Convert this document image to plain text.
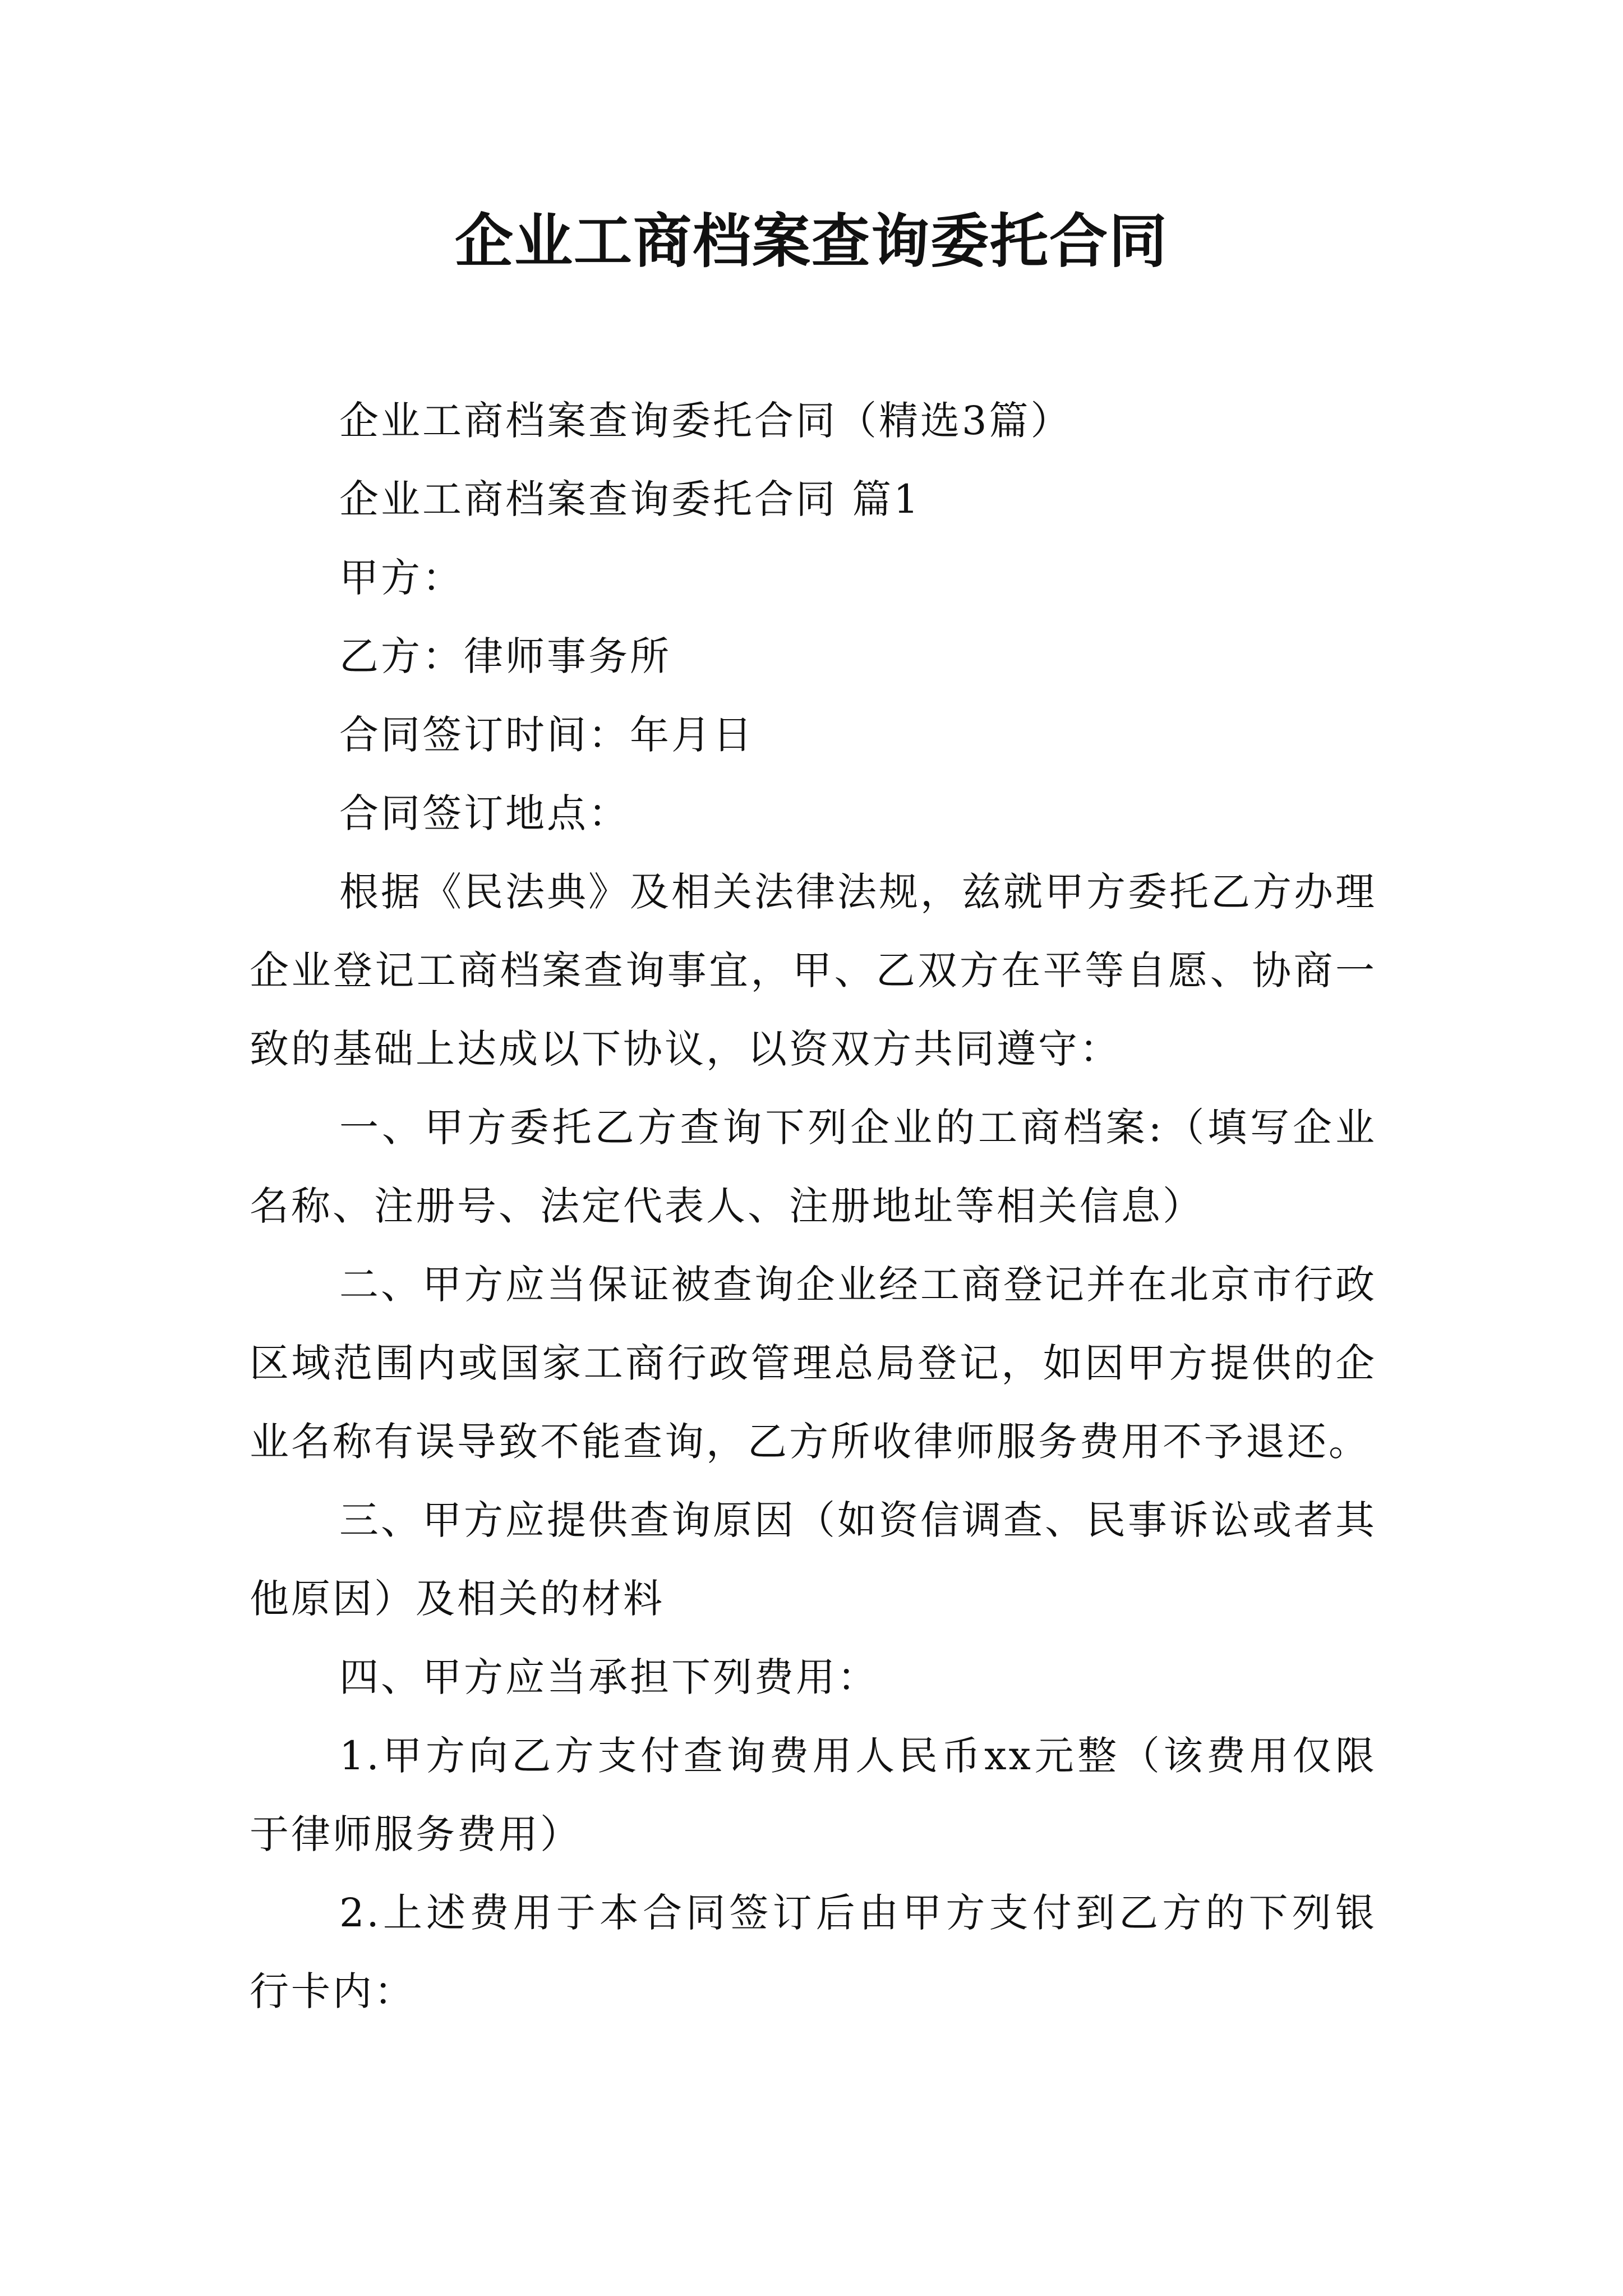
企业工商档案查询委托合同

企业工商档案查询委托合同（精选3篇）

企业工商档案查询委托合同 篇1

甲方：

乙方：律师事务所

合同签订时间：年月日

合同签订地点：

根据《民法典》及相关法律法规，兹就甲方委托乙方办理企业登记工商档案查询事宜，甲、乙双方在平等自愿、协商一致的基础上达成以下协议，以资双方共同遵守：

一、甲方委托乙方查询下列企业的工商档案:（填写企业名称、注册号、法定代表人、注册地址等相关信息）

二、甲方应当保证被查询企业经工商登记并在北京市行政区域范围内或国家工商行政管理总局登记，如因甲方提供的企业名称有误导致不能查询，乙方所收律师服务费用不予退还。

三、甲方应提供查询原因（如资信调查、民事诉讼或者其他原因）及相关的材料

四、甲方应当承担下列费用：

1.甲方向乙方支付查询费用人民币xx元整（该费用仅限于律师服务费用）

2.上述费用于本合同签订后由甲方支付到乙方的下列银行卡内：
